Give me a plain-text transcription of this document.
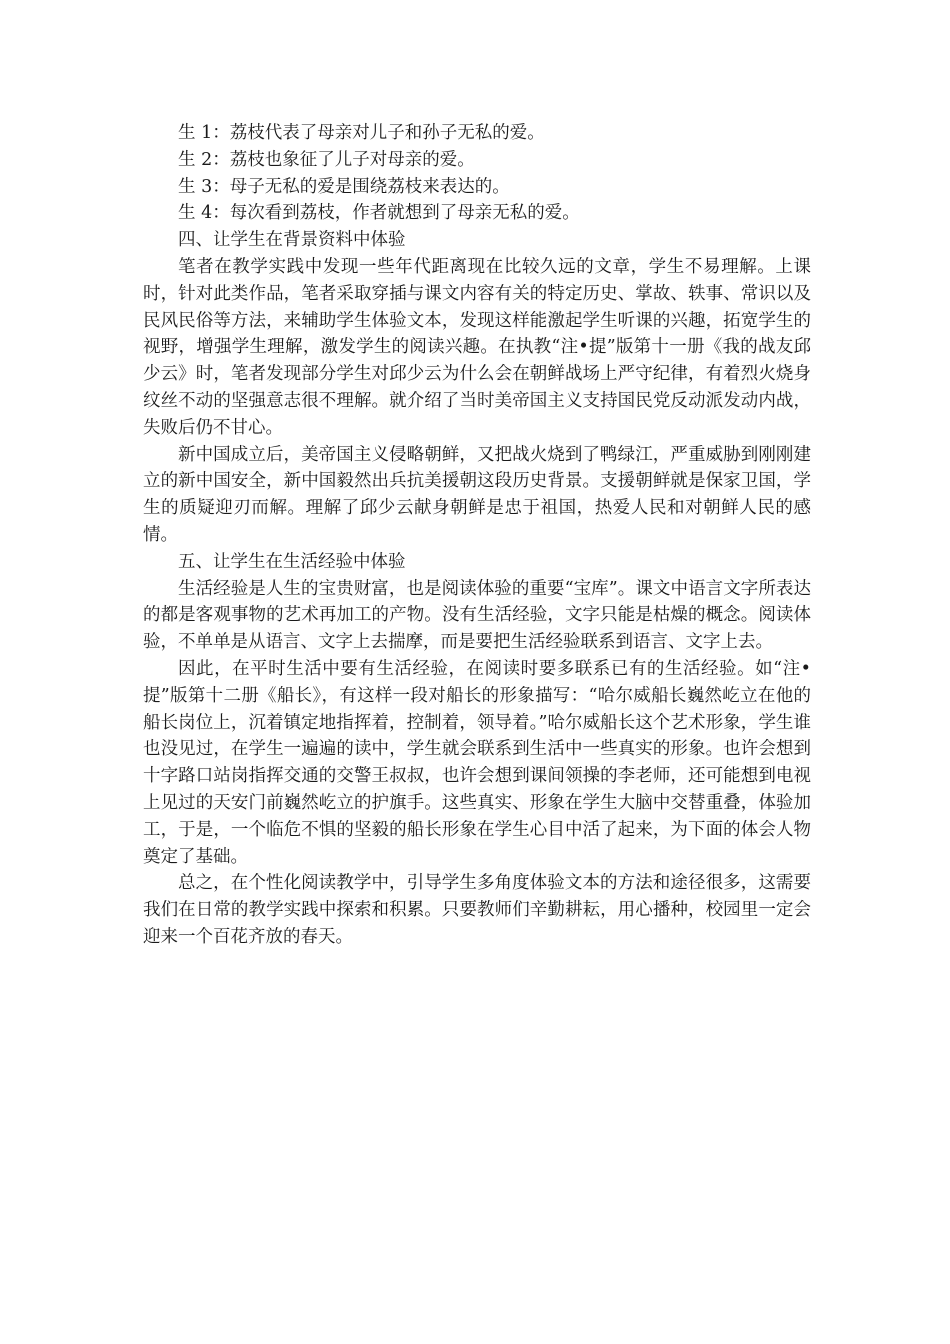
生 1：荔枝代表了母亲对儿子和孙子无私的爱。

生 2：荔枝也象征了儿子对母亲的爱。

生 3：母子无私的爱是围绕荔枝来表达的。

生 4：每次看到荔枝，作者就想到了母亲无私的爱。

四、让学生在背景资料中体验

笔者在教学实践中发现一些年代距离现在比较久远的文章，学生不易理解。上课时，针对此类作品，笔者采取穿插与课文内容有关的特定历史、掌故、轶事、常识以及民风民俗等方法，来辅助学生体验文本，发现这样能激起学生听课的兴趣，拓宽学生的视野，增强学生理解，激发学生的阅读兴趣。在执教“注•提”版第十一册《我的战友邱少云》时，笔者发现部分学生对邱少云为什么会在朝鲜战场上严守纪律，有着烈火烧身纹丝不动的坚强意志很不理解。就介绍了当时美帝国主义支持国民党反动派发动内战，失败后仍不甘心。

新中国成立后，美帝国主义侵略朝鲜，又把战火烧到了鸭绿江，严重威胁到刚刚建立的新中国安全，新中国毅然出兵抗美援朝这段历史背景。支援朝鲜就是保家卫国，学生的质疑迎刃而解。理解了邱少云献身朝鲜是忠于祖国，热爱人民和对朝鲜人民的感情。

五、让学生在生活经验中体验

生活经验是人生的宝贵财富，也是阅读体验的重要“宝库”。课文中语言文字所表达的都是客观事物的艺术再加工的产物。没有生活经验，文字只能是枯燥的概念。阅读体验，不单单是从语言、文字上去揣摩，而是要把生活经验联系到语言、文字上去。

因此，在平时生活中要有生活经验，在阅读时要多联系已有的生活经验。如“注•提”版第十二册《船长》，有这样一段对船长的形象描写：“哈尔威船长巍然屹立在他的船长岗位上，沉着镇定地指挥着，控制着，领导着。”哈尔威船长这个艺术形象，学生谁也没见过，在学生一遍遍的读中，学生就会联系到生活中一些真实的形象。也许会想到十字路口站岗指挥交通的交警王叔叔，也许会想到课间领操的李老师，还可能想到电视上见过的天安门前巍然屹立的护旗手。这些真实、形象在学生大脑中交替重叠，体验加工，于是，一个临危不惧的坚毅的船长形象在学生心目中活了起来，为下面的体会人物奠定了基础。

总之，在个性化阅读教学中，引导学生多角度体验文本的方法和途径很多，这需要我们在日常的教学实践中探索和积累。只要教师们辛勤耕耘，用心播种，校园里一定会迎来一个百花齐放的春天。
